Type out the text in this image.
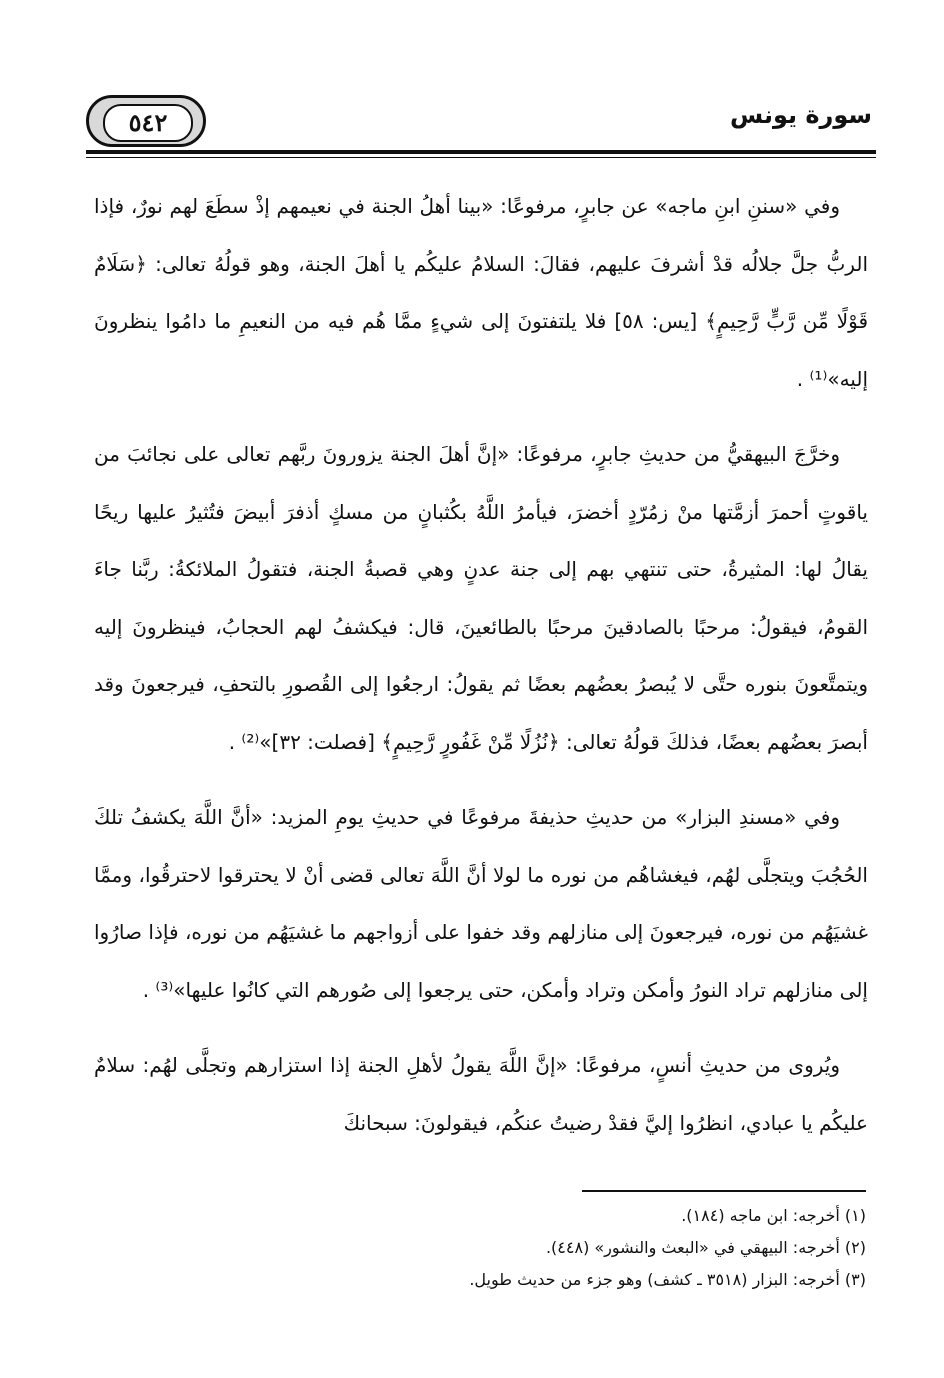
٥٤٢	سورة يونس

وفي «سننِ ابنِ ماجه» عن جابرٍ، مرفوعًا: «بينا أهلُ الجنة في نعيمهم إذْ سطَعَ لهم نورٌ، فإذا الربُّ جلَّ جلالُه قدْ أشرفَ عليهم، فقالَ: السلامُ عليكُم يا أهلَ الجنة، وهو قولُهُ تعالى: ﴿سَلَامٌ قَوْلًا مِّن رَّبٍّ رَّحِيمٍ﴾ [يس: ٥٨] فلا يلتفتونَ إلى شيءٍ ممَّا هُم فيه من النعيمِ ما دامُوا ينظرونَ إليه»⁽¹⁾ .

وخرَّجَ البيهقيُّ من حديثِ جابرٍ، مرفوعًا: «إنَّ أهلَ الجنة يزورونَ ربَّهم تعالى على نجائبَ من ياقوتٍ أحمرَ أزمَّتها منْ زمُرّدٍ أخضرَ، فيأمرُ اللَّهُ بكُثبانٍ من مسكٍ أذفرَ أبيضَ فتُثيرُ عليها ريحًا يقالُ لها: المثيرةُ، حتى تنتهي بهم إلى جنة عدنٍ وهي قصبةُ الجنة، فتقولُ الملائكةُ: ربَّنا جاءَ القومُ، فيقولُ: مرحبًا بالصادقينَ مرحبًا بالطائعينَ، قال: فيكشفُ لهم الحجابُ، فينظرونَ إليه ويتمتَّعونَ بنوره حتَّى لا يُبصرُ بعضُهم بعضًا ثم يقولُ: ارجعُوا إلى القُصورِ بالتحفِ، فيرجعونَ وقد أبصرَ بعضُهم بعضًا، فذلكَ قولُهُ تعالى: ﴿نُزُلًا مِّنْ غَفُورٍ رَّحِيمٍ﴾ [فصلت: ٣٢]»⁽²⁾ .

وفي «مسندِ البزار» من حديثِ حذيفةَ مرفوعًا في حديثِ يومِ المزيد: «أنَّ اللَّهَ يكشفُ تلكَ الحُجُبَ ويتجلَّى لهُم، فيغشاهُم من نوره ما لولا أنَّ اللَّهَ تعالى قضى أنْ لا يحترقوا لاحترقُوا، وممَّا غشيَهُم من نوره، فيرجعونَ إلى منازلهم وقد خفوا على أزواجهم ما غشيَهُم من نوره، فإذا صارُوا إلى منازلهم تراد النورُ وأمكن وتراد وأمكن، حتى يرجعوا إلى صُورهم التي كانُوا عليها»⁽³⁾ .

ويُروى من حديثِ أنسٍ، مرفوعًا: «إنَّ اللَّهَ يقولُ لأهلِ الجنة إذا استزارهم وتجلَّى لهُم: سلامٌ عليكُم يا عبادي، انظرُوا إليَّ فقدْ رضيتُ عنكُم، فيقولونَ: سبحانكَ

(١) أخرجه: ابن ماجه (١٨٤).

(٢) أخرجه: البيهقي في «البعث والنشور» (٤٤٨).

(٣) أخرجه: البزار (٣٥١٨ ـ كشف) وهو جزء من حديث طويل.
